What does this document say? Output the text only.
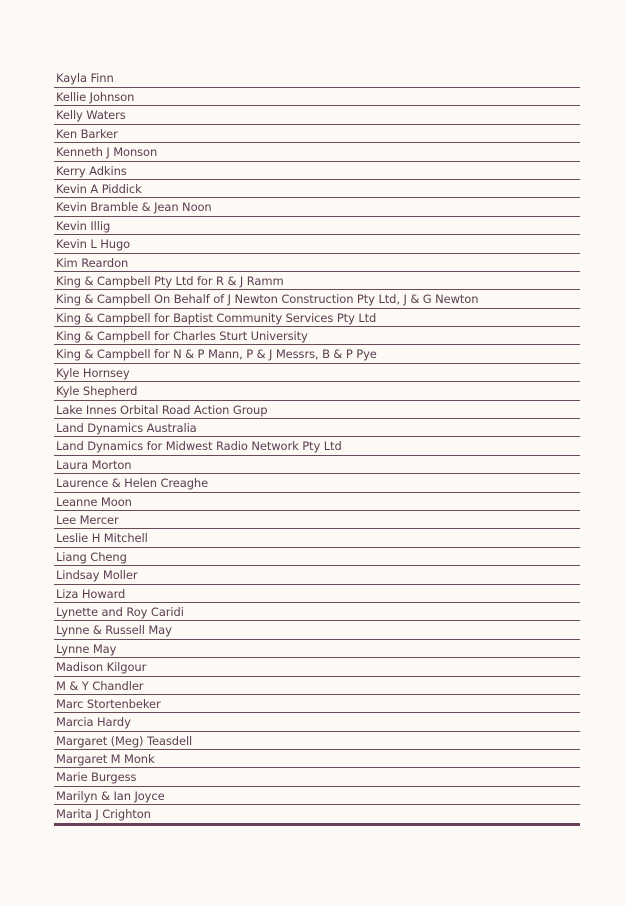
Kayla Finn
Kellie Johnson
Kelly Waters
Ken Barker
Kenneth J Monson
Kerry Adkins
Kevin A Piddick
Kevin Bramble & Jean Noon
Kevin Illig
Kevin L Hugo
Kim Reardon
King & Campbell Pty Ltd for R & J Ramm
King & Campbell On Behalf of J Newton Construction Pty Ltd, J & G Newton
King & Campbell for Baptist Community Services Pty Ltd
King & Campbell for Charles Sturt University
King & Campbell for N & P Mann, P & J Messrs, B & P Pye
Kyle Hornsey
Kyle Shepherd
Lake Innes Orbital Road Action Group
Land Dynamics Australia
Land Dynamics for Midwest Radio Network Pty Ltd
Laura Morton
Laurence & Helen Creaghe
Leanne Moon
Lee Mercer
Leslie H Mitchell
Liang Cheng
Lindsay Moller
Liza Howard
Lynette and Roy Caridi
Lynne & Russell May
Lynne May
Madison Kilgour
M & Y Chandler
Marc Stortenbeker
Marcia Hardy
Margaret (Meg) Teasdell
Margaret M Monk
Marie Burgess
Marilyn & Ian Joyce
Marita J Crighton
